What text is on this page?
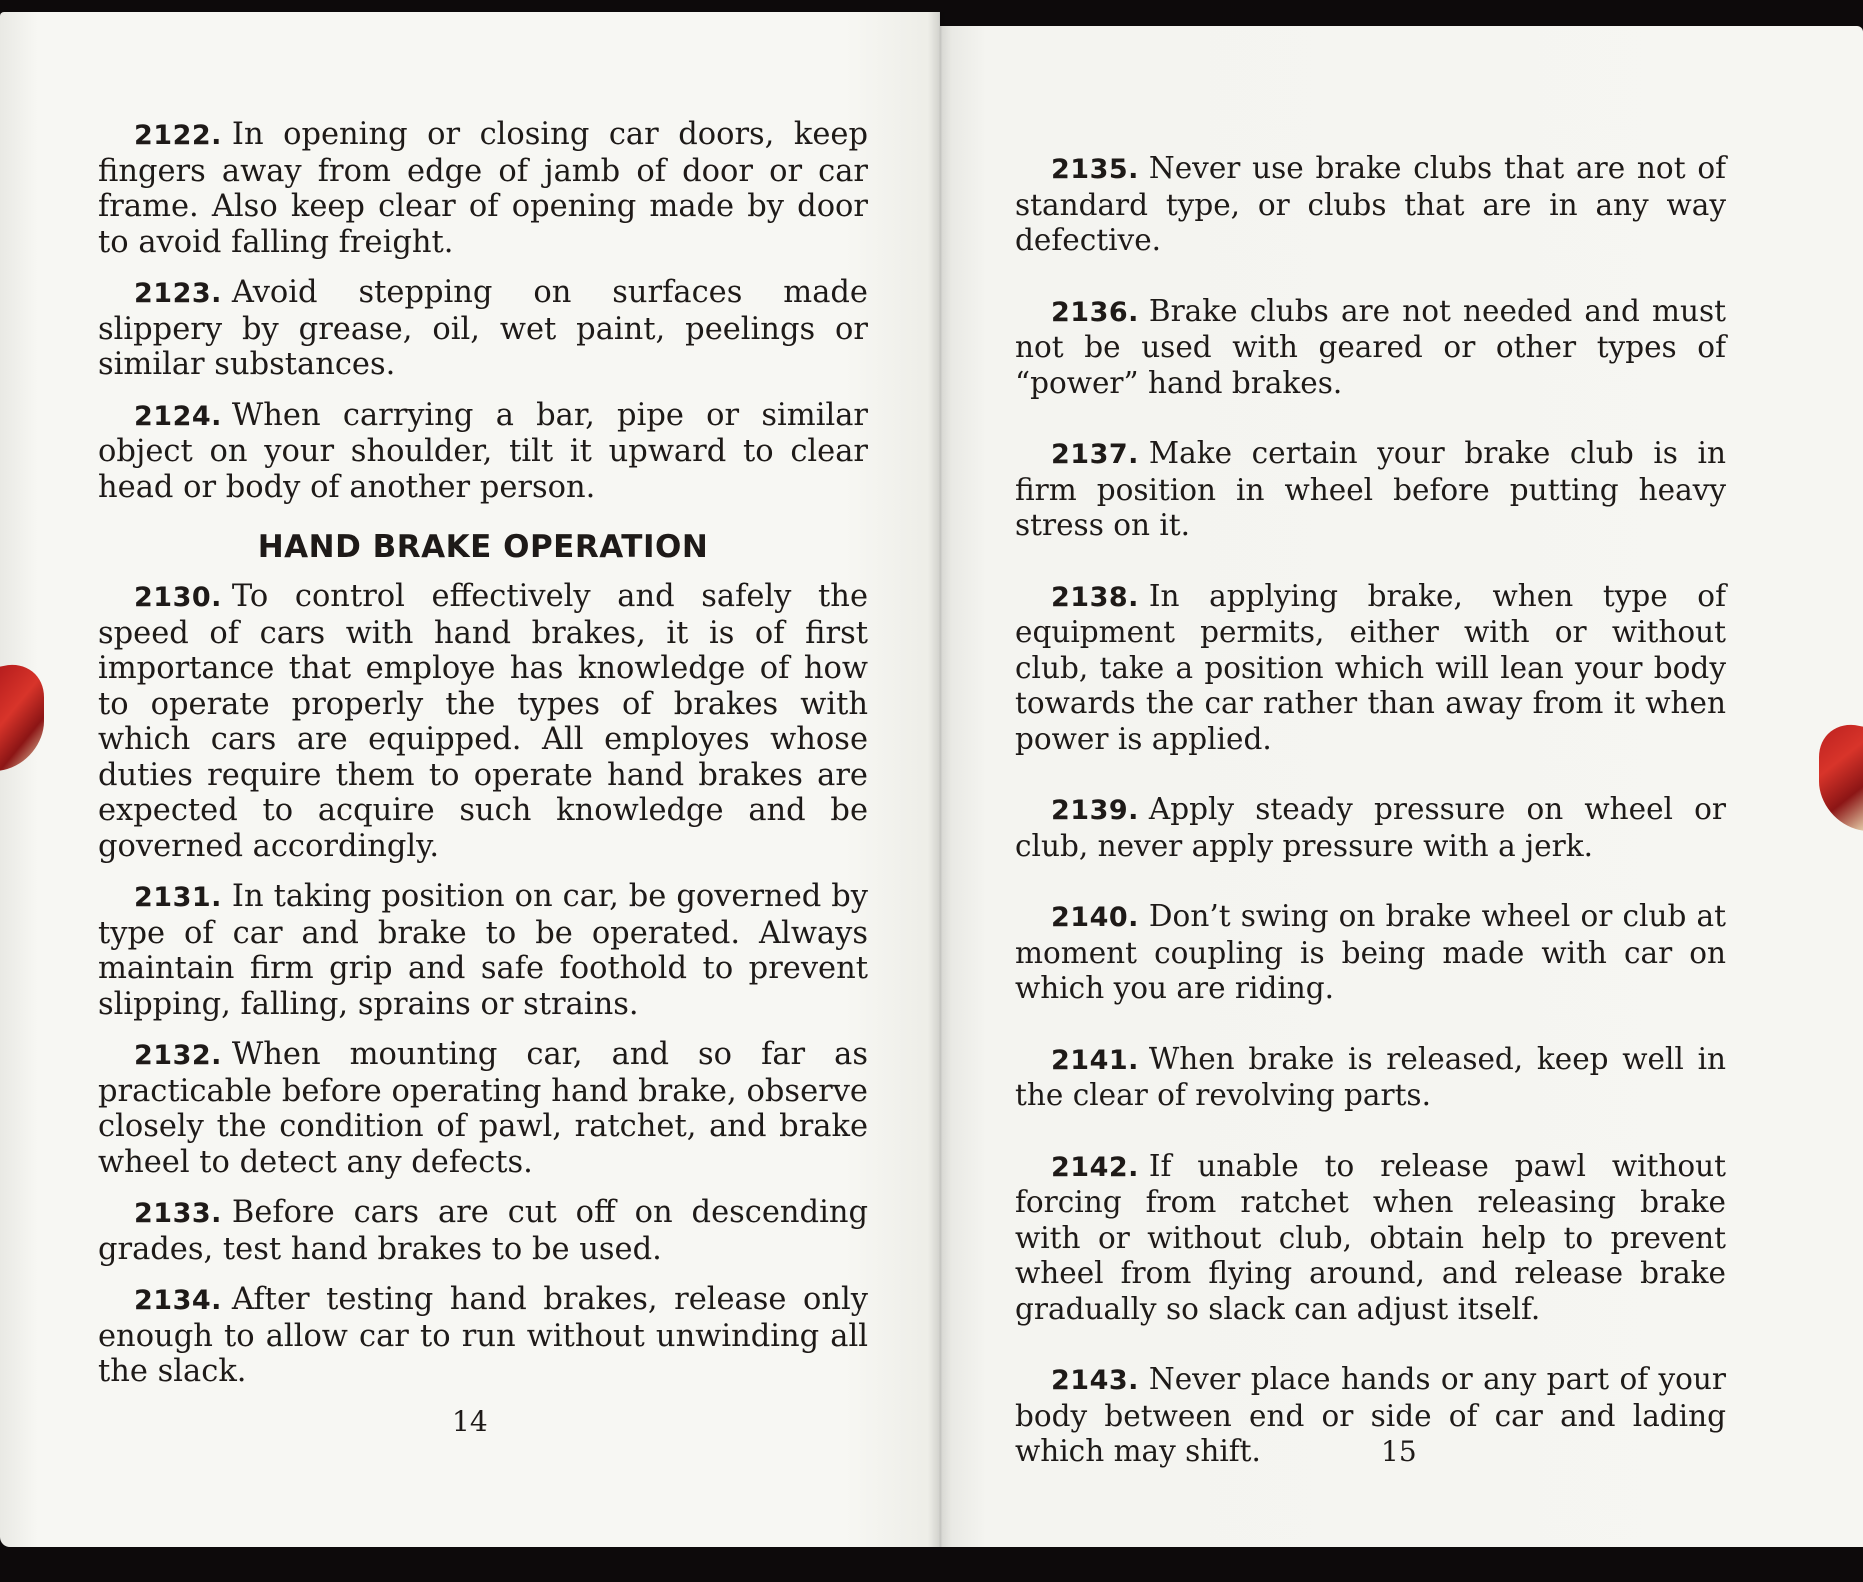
2122. In opening or closing car doors, keep fingers away from edge of jamb of door or car frame. Also keep clear of opening made by door to avoid falling freight.

2123. Avoid stepping on surfaces made slippery by grease, oil, wet paint, peelings or similar substances.

2124. When carrying a bar, pipe or similar object on your shoulder, tilt it upward to clear head or body of another person.

HAND BRAKE OPERATION

2130. To control effectively and safely the speed of cars with hand brakes, it is of first importance that employe has knowledge of how to operate properly the types of brakes with which cars are equipped. All employes whose duties require them to operate hand brakes are expected to acquire such knowledge and be governed accordingly.

2131. In taking position on car, be governed by type of car and brake to be operated. Always maintain firm grip and safe foothold to prevent slipping, falling, sprains or strains.

2132. When mounting car, and so far as practicable before operating hand brake, observe closely the condition of pawl, ratchet, and brake wheel to detect any defects.

2133. Before cars are cut off on descending grades, test hand brakes to be used.

2134. After testing hand brakes, release only enough to allow car to run without unwinding all the slack.

14

2135. Never use brake clubs that are not of standard type, or clubs that are in any way defective.

2136. Brake clubs are not needed and must not be used with geared or other types of “power” hand brakes.

2137. Make certain your brake club is in firm position in wheel before putting heavy stress on it.

2138. In applying brake, when type of equipment permits, either with or without club, take a position which will lean your body towards the car rather than away from it when power is applied.

2139. Apply steady pressure on wheel or club, never apply pressure with a jerk.

2140. Don’t swing on brake wheel or club at moment coupling is being made with car on which you are riding.

2141. When brake is released, keep well in the clear of revolving parts.

2142. If unable to release pawl without forcing from ratchet when releasing brake with or without club, obtain help to prevent wheel from flying around, and release brake gradually so slack can adjust itself.

2143. Never place hands or any part of your body between end or side of car and lading which may shift.	15
